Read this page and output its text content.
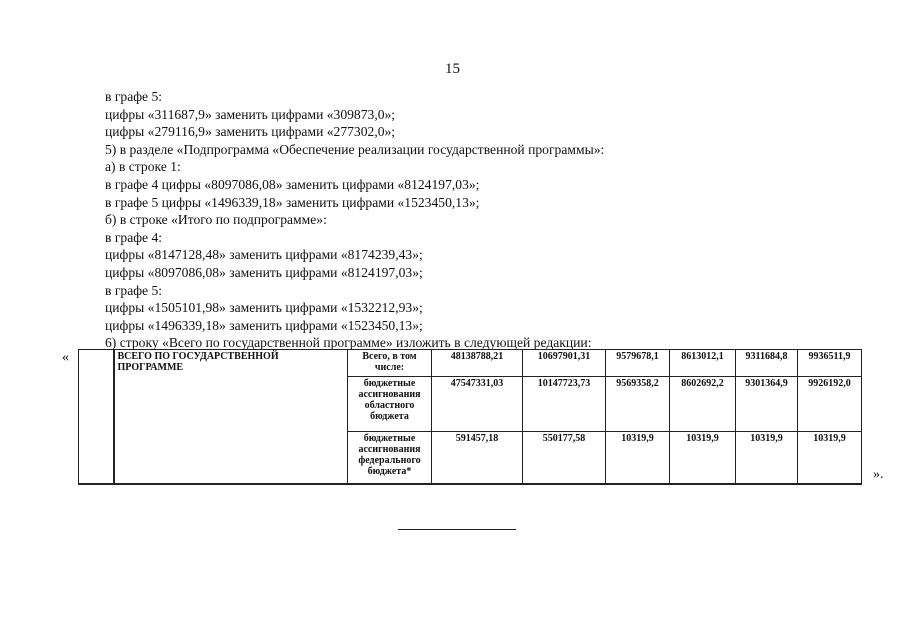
15
в графе 5:
цифры «311687,9» заменить цифрами «309873,0»;
цифры «279116,9» заменить цифрами «277302,0»;
5) в разделе «Подпрограмма «Обеспечение реализации государственной программы»:
а) в строке 1:
в графе 4 цифры «8097086,08» заменить цифрами «8124197,03»;
в графе 5 цифры «1496339,18» заменить цифрами «1523450,13»;
б) в строке «Итого по подпрограмме»:
в графе 4:
цифры «8147128,48» заменить цифрами «8174239,43»;
цифры «8097086,08» заменить цифрами «8124197,03»;
в графе 5:
цифры «1505101,98» заменить цифрами «1532212,93»;
цифры «1496339,18» заменить цифрами «1523450,13»;
6) строку «Всего по государственной программе» изложить в следующей редакции:
«

	ВСЕГО ПО ГОСУДАРСТВЕННОЙ ПРОГРАММЕ	Всего, в том числе:	48138788,21	10697901,31	9579678,1	8613012,1	9311684,8	9936511,9
		бюджетные ассигнования областного бюджета	47547331,03	10147723,73	9569358,2	8602692,2	9301364,9	9926192,0
		бюджетные ассигнования федерального бюджета*	591457,18	550177,58	10319,9	10319,9	10319,9	10319,9
».
